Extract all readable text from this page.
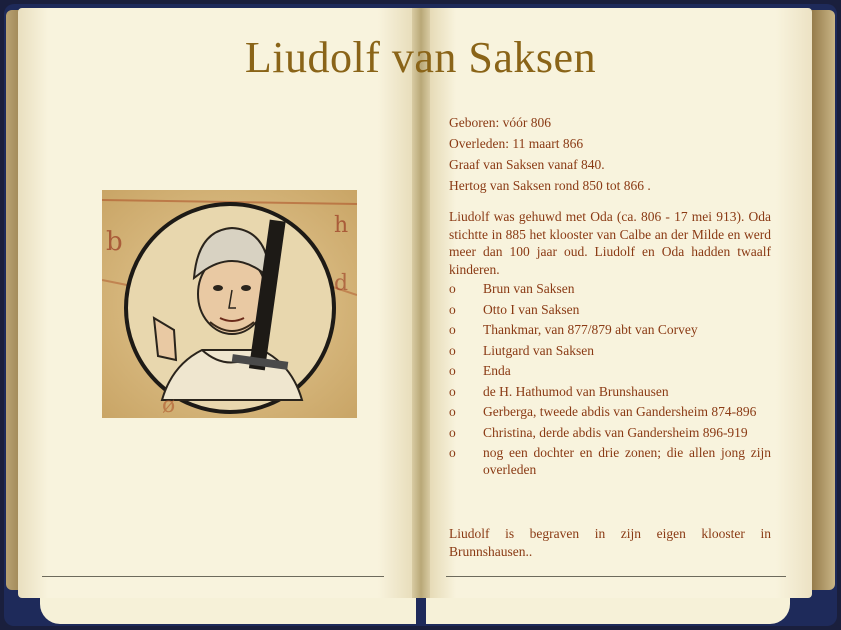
Liudolf van Saksen
b
h
d
ø
Geboren: vóór 806
Overleden: 11 maart 866
Graaf van Saksen vanaf 840.
Hertog van Saksen rond 850 tot 866 .
Liudolf was gehuwd met Oda (ca. 806 - 17 mei 913). Oda stichtte in 885 het klooster van Calbe an der Milde en werd meer dan 100 jaar oud. Liudolf en Oda hadden twaalf kinderen.
o Brun van Saksen
o Otto I van Saksen
o Thankmar, van 877/879 abt van Corvey
o Liutgard van Saksen
o Enda
o de H. Hathumod van Brunshausen
o Gerberga, tweede abdis van Gandersheim 874-896
o Christina, derde abdis van Gandersheim 896-919
o nog een dochter en drie zonen; die allen jong zijn overleden
Liudolf is begraven in zijn eigen klooster in Brunnshausen..
